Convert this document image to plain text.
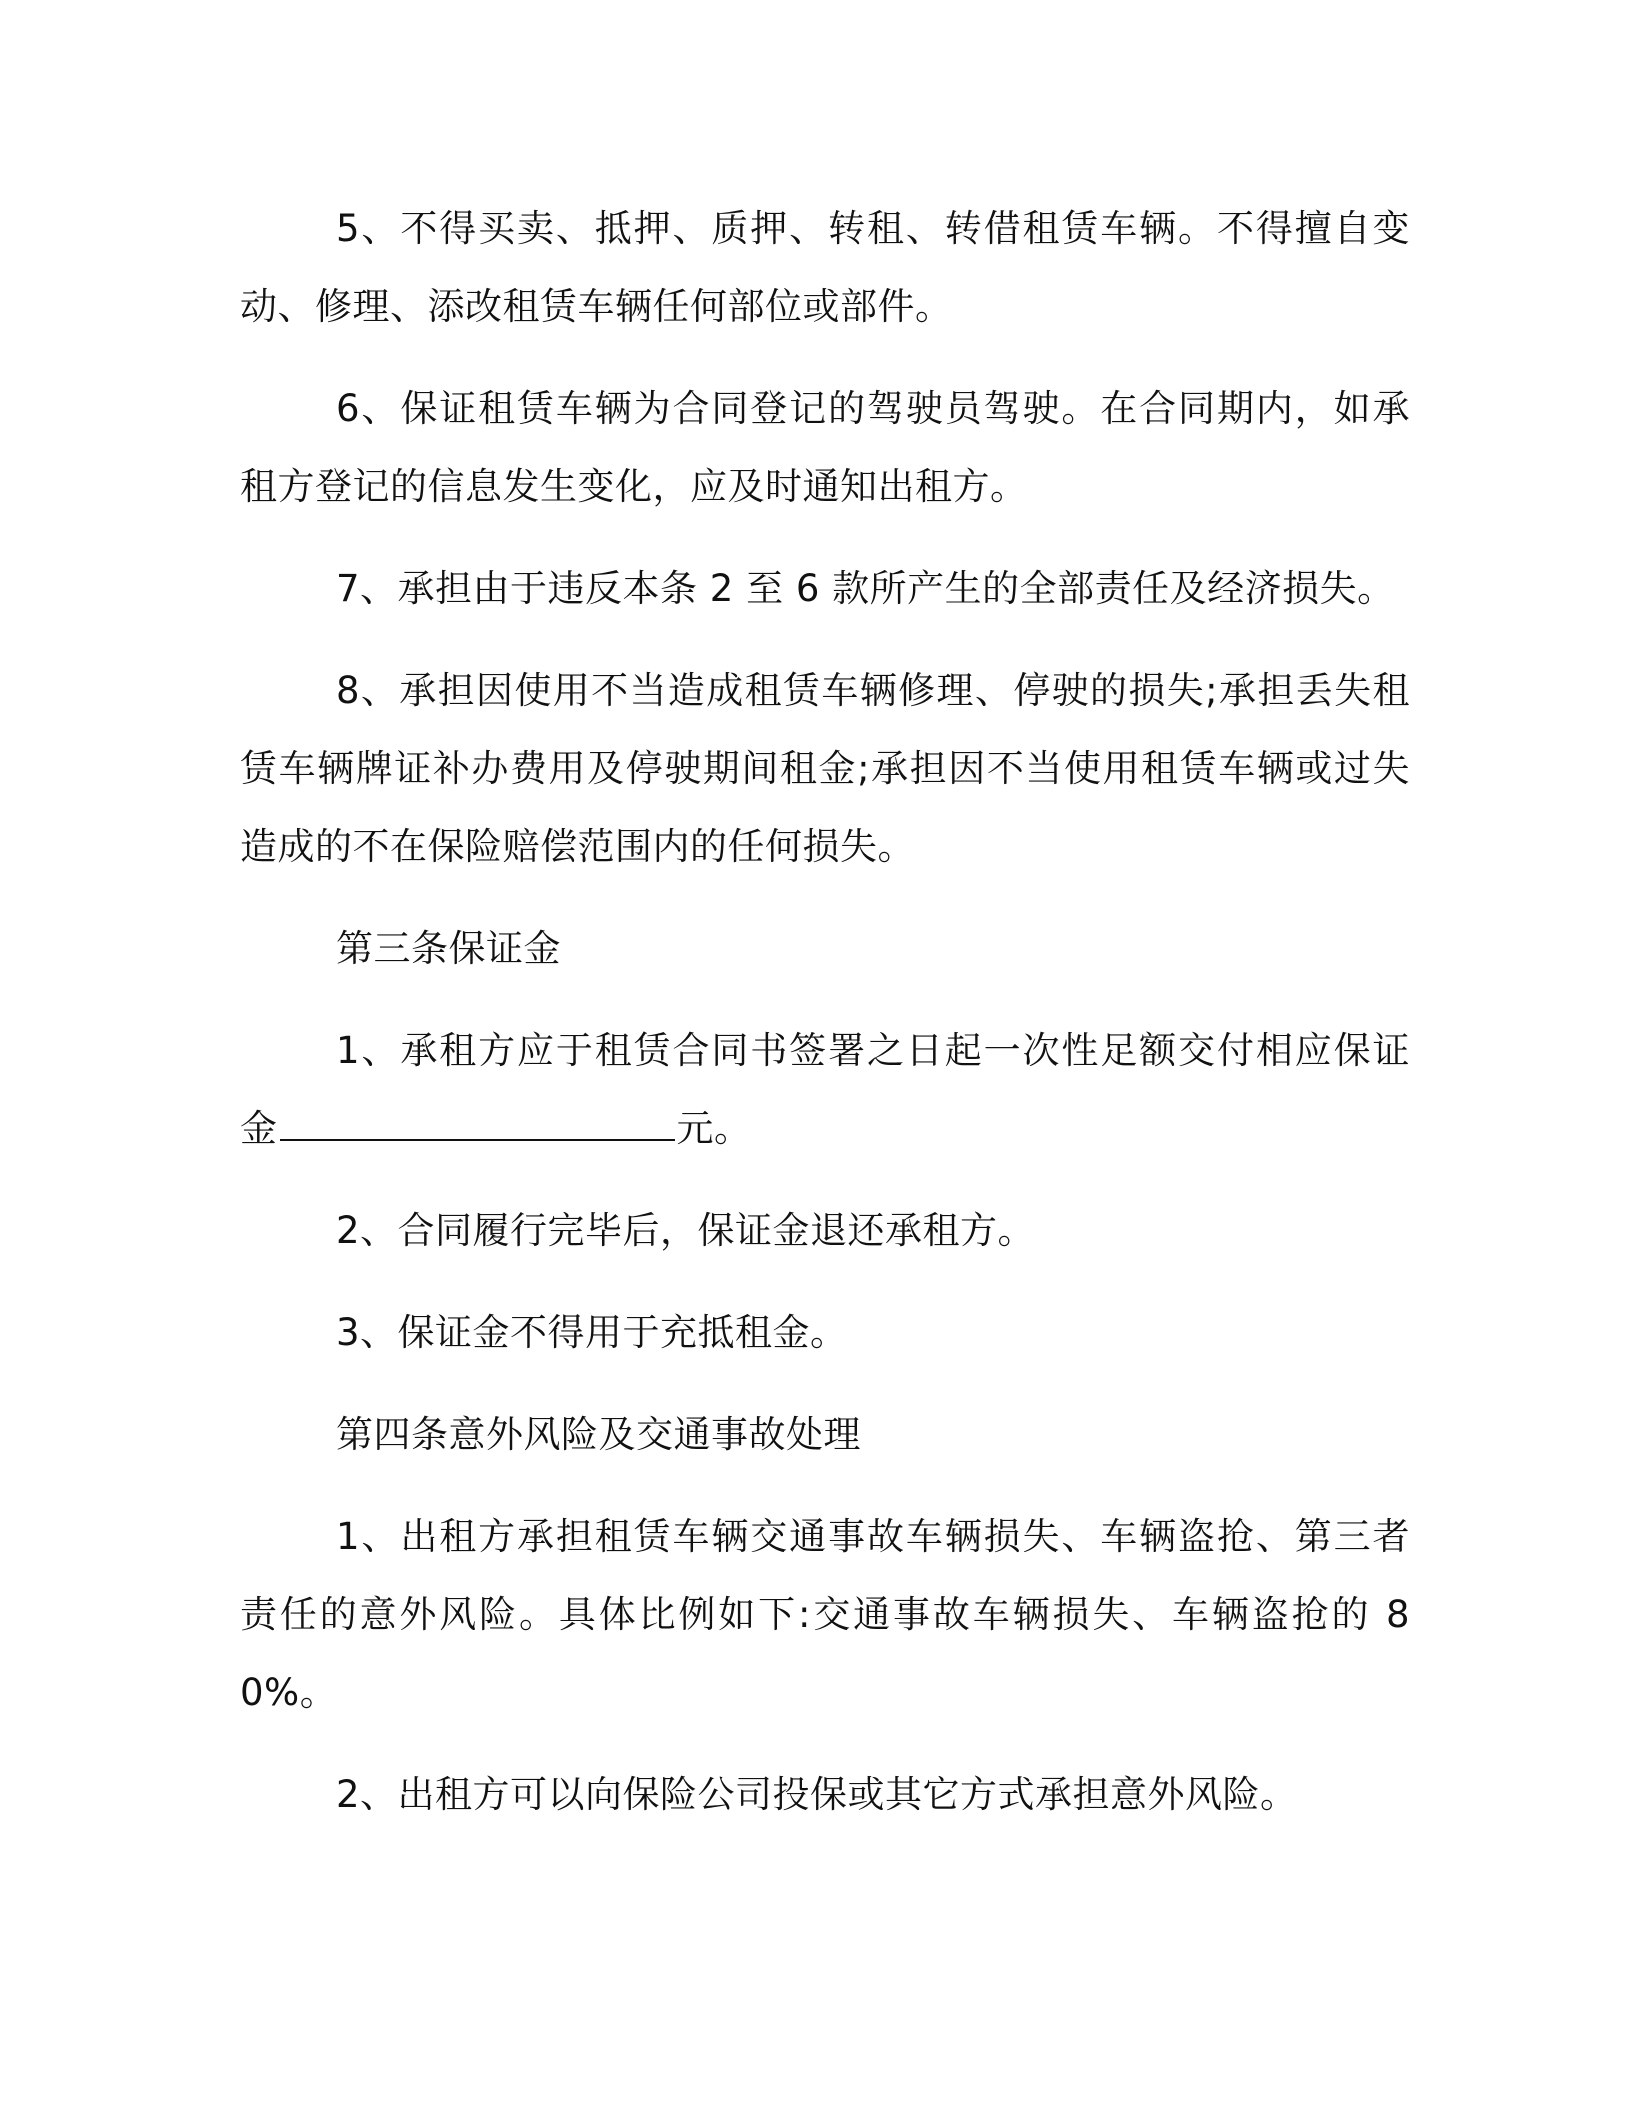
5、不得买卖、抵押、质押、转租、转借租赁车辆。不得擅自变动、修理、添改租赁车辆任何部位或部件。

6、保证租赁车辆为合同登记的驾驶员驾驶。在合同期内，如承租方登记的信息发生变化，应及时通知出租方。

7、承担由于违反本条 2 至 6 款所产生的全部责任及经济损失。

8、承担因使用不当造成租赁车辆修理、停驶的损失;承担丢失租赁车辆牌证补办费用及停驶期间租金;承担因不当使用租赁车辆或过失造成的不在保险赔偿范围内的任何损失。

第三条保证金

1、承租方应于租赁合同书签署之日起一次性足额交付相应保证金	元。

2、合同履行完毕后，保证金退还承租方。

3、保证金不得用于充抵租金。

第四条意外风险及交通事故处理

1、出租方承担租赁车辆交通事故车辆损失、车辆盗抢、第三者责任的意外风险。具体比例如下:交通事故车辆损失、车辆盗抢的 80%。

2、出租方可以向保险公司投保或其它方式承担意外风险。
